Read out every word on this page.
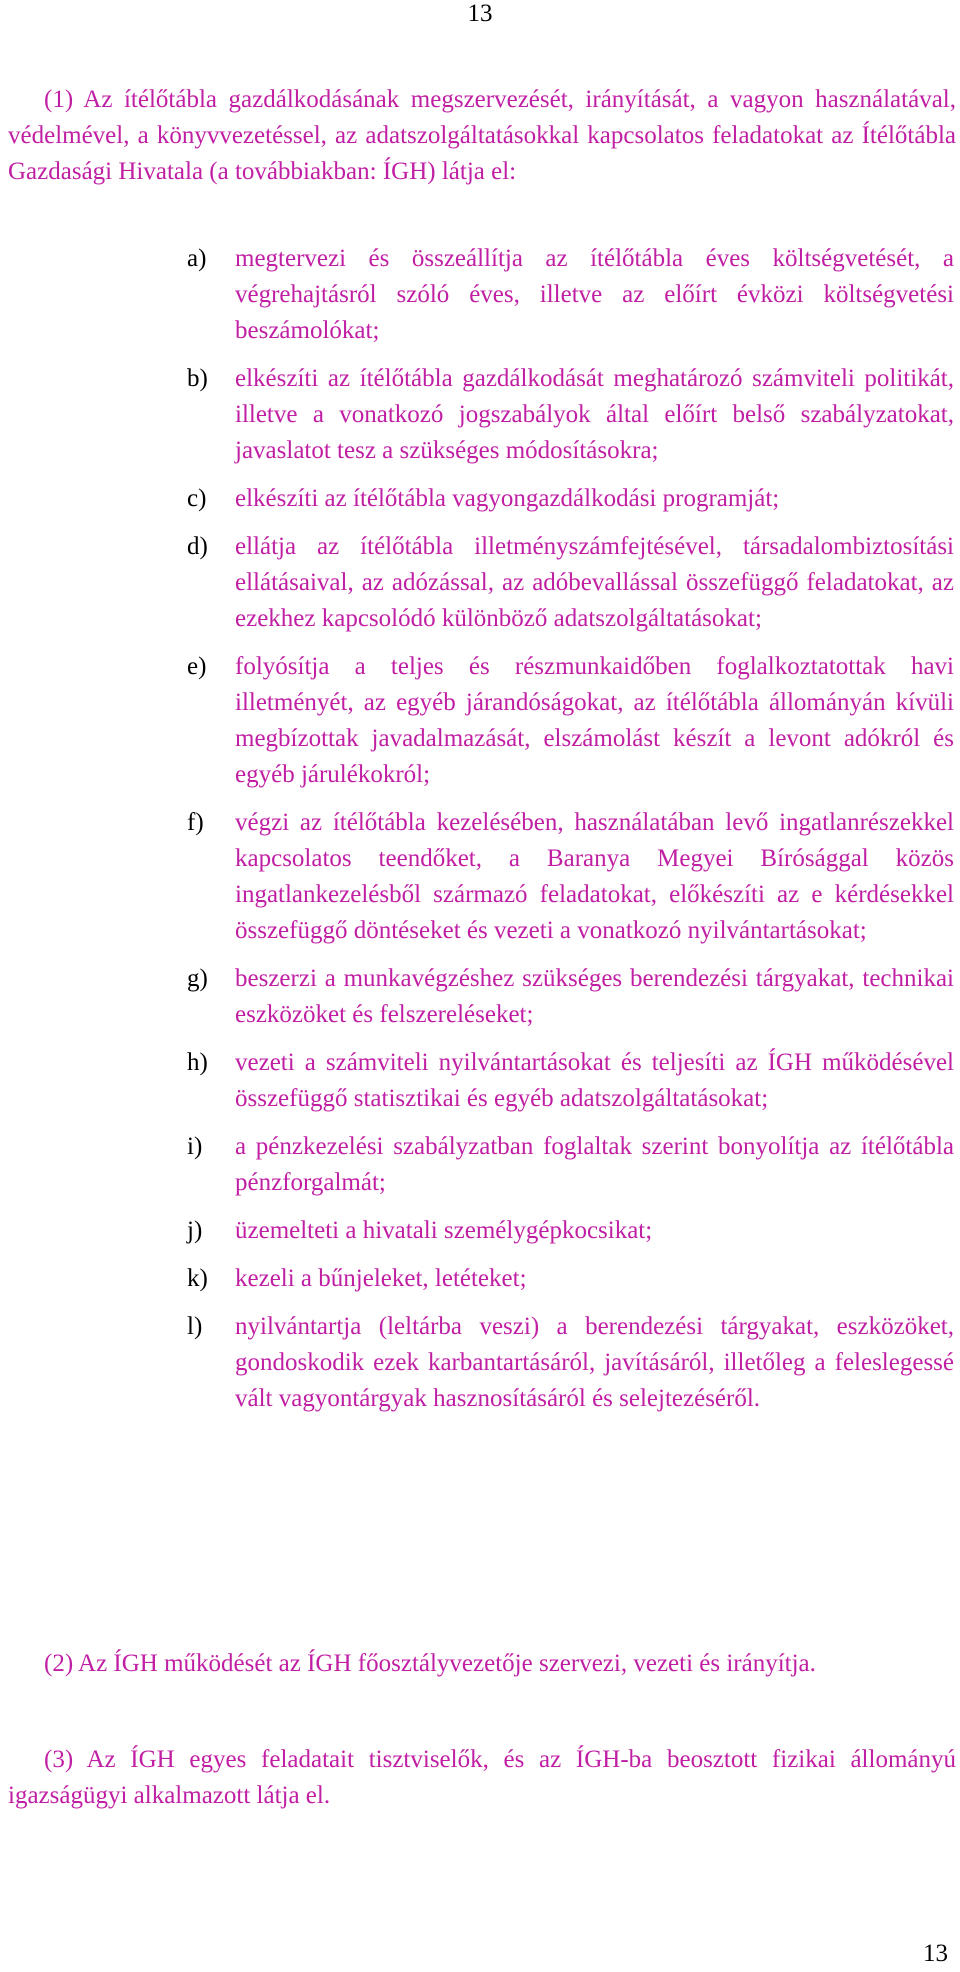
13
(1) Az ítélőtábla gazdálkodásának megszervezését, irányítását, a vagyon használatával, védelmével, a könyvvezetéssel, az adatszolgáltatásokkal kapcsolatos feladatokat az Ítélőtábla Gazdasági Hivatala (a továbbiakban: ÍGH) látja el:
a)	megtervezi és összeállítja az ítélőtábla éves költségvetését, a végrehajtásról szóló éves, illetve az előírt évközi költségvetési beszámolókat;
b)	elkészíti az ítélőtábla gazdálkodását meghatározó számviteli politikát, illetve a vonatkozó jogszabályok által előírt belső szabályzatokat, javaslatot tesz a szükséges módosításokra;
c)	elkészíti az ítélőtábla vagyongazdálkodási programját;
d)	ellátja az ítélőtábla illetményszámfejtésével, társadalombiztosítási ellátásaival, az adózással, az adóbevallással összefüggő feladatokat, az ezekhez kapcsolódó különböző adatszolgáltatásokat;
e)	folyósítja a teljes és részmunkaidőben foglalkoztatottak havi illetményét, az egyéb járandóságokat, az ítélőtábla állományán kívüli megbízottak javadalmazását, elszámolást készít a levont adókról és egyéb járulékokról;
f)	végzi az ítélőtábla kezelésében, használatában levő ingatlanrészekkel kapcsolatos teendőket, a Baranya Megyei Bírósággal közös ingatlankezelésből származó feladatokat, előkészíti az e kérdésekkel összefüggő döntéseket és vezeti a vonatkozó nyilvántartásokat;
g)	beszerzi a munkavégzéshez szükséges berendezési tárgyakat, technikai eszközöket és felszereléseket;
h)	vezeti a számviteli nyilvántartásokat és teljesíti az ÍGH működésével összefüggő statisztikai és egyéb adatszolgáltatásokat;
i)	a pénzkezelési szabályzatban foglaltak szerint bonyolítja az ítélőtábla pénzforgalmát;
j)	üzemelteti a hivatali személygépkocsikat;
k)	kezeli a bűnjeleket, letéteket;
l)	nyilvántartja (leltárba veszi) a berendezési tárgyakat, eszközöket, gondoskodik ezek karbantartásáról, javításáról, illetőleg a feleslegessé vált vagyontárgyak hasznosításáról és selejtezéséről.
(2) Az ÍGH működését az ÍGH főosztályvezetője szervezi, vezeti és irányítja.
(3) Az ÍGH egyes feladatait tisztviselők, és az ÍGH-ba beosztott fizikai állományú igazságügyi alkalmazott látja el.
13
